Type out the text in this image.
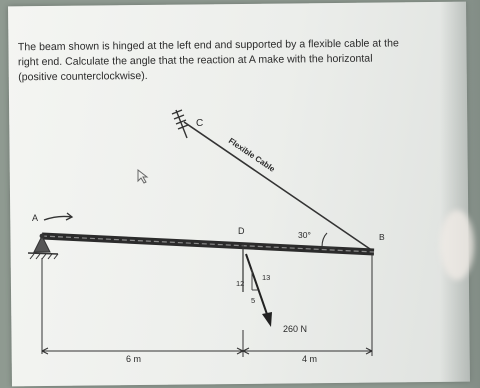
The beam shown is hinged at the left end and supported by a flexible cable at the

right end. Calculate the angle that the reaction at A make with the horizontal

(positive counterclockwise).

C
Flexible Cable
A
D
B
30°
12
13
5
260 N
6 m	4 m
